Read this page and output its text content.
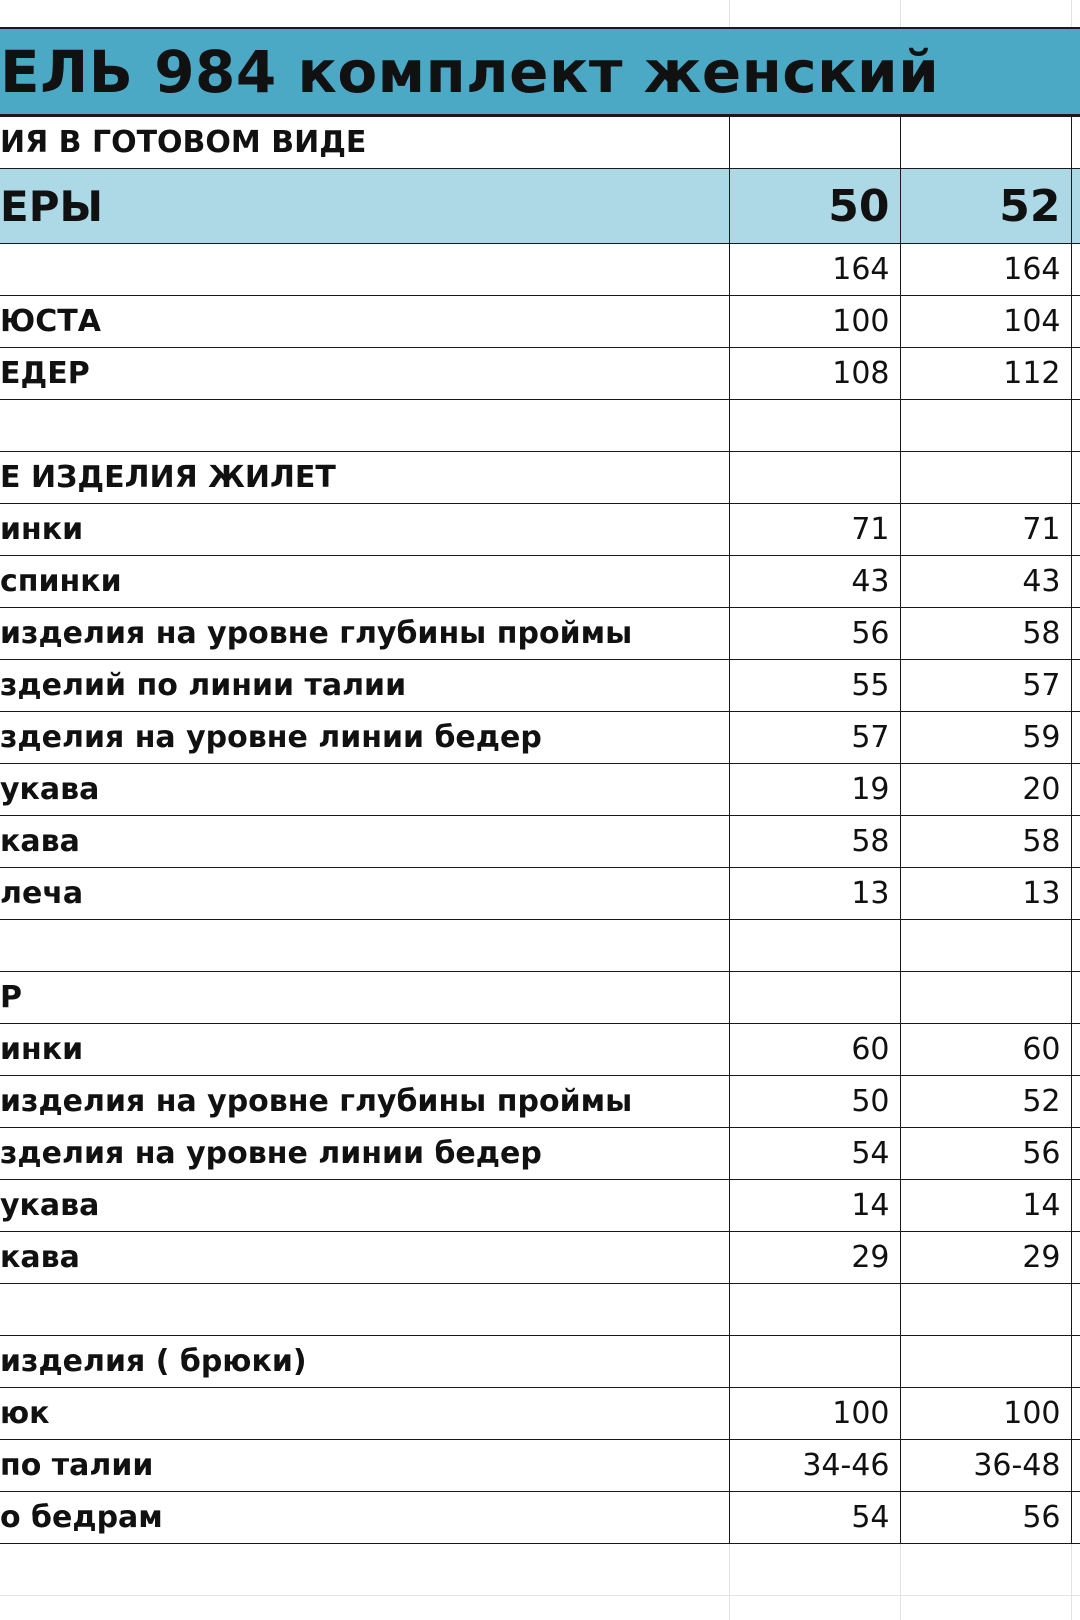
ЕЛЬ 984 комплект женский
ИЯ В ГОТОВОМ ВИДЕ			
ЕРЫ	50	52	
	164	164	
ЮСТА	100	104	
ЕДЕР	108	112	

Е ИЗДЕЛИЯ ЖИЛЕТ			
инки	71	71	
спинки	43	43	
изделия на уровне глубины проймы	56	58	
зделий по линии талии	55	57	
зделия на уровне линии бедер	57	59	
укава	19	20	
кава	58	58	
леча	13	13	

Р			
инки	60	60	
изделия на уровне глубины проймы	50	52	
зделия на уровне линии бедер	54	56	
укава	14	14	
кава	29	29	

изделия ( брюки)			
юк	100	100	
по талии	34-46	36-48	
о бедрам	54	56	
